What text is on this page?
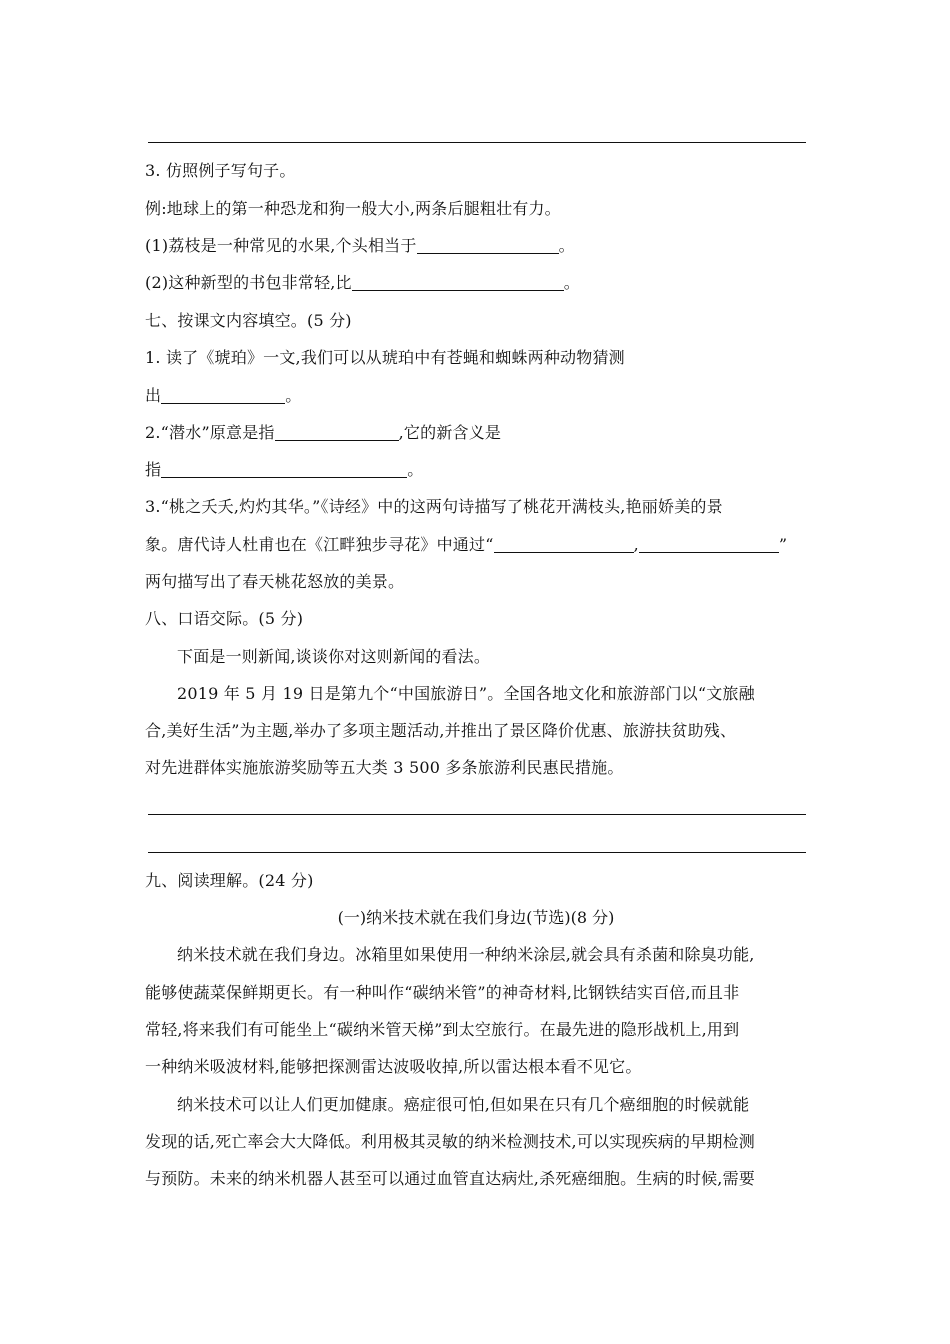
3. 仿照例子写句子。
例:地球上的第一种恐龙和狗一般大小,两条后腿粗壮有力。
(1)荔枝是一种常见的水果,个头相当于	。
(2)这种新型的书包非常轻,比	。
七、按课文内容填空。(5 分)
1. 读了《琥珀》一文,我们可以从琥珀中有苍蝇和蜘蛛两种动物猜测
出	。
2.“潜水”原意是指	,它的新含义是
指	。
3.“桃之夭夭,灼灼其华。”《诗经》中的这两句诗描写了桃花开满枝头,艳丽娇美的景
象。唐代诗人杜甫也在《江畔独步寻花》中通过“	,	”
两句描写出了春天桃花怒放的美景。
八、口语交际。(5 分)
下面是一则新闻,谈谈你对这则新闻的看法。
2019 年 5 月 19 日是第九个“中国旅游日”。全国各地文化和旅游部门以“文旅融
合,美好生活”为主题,举办了多项主题活动,并推出了景区降价优惠、旅游扶贫助残、
对先进群体实施旅游奖励等五大类 3 500 多条旅游利民惠民措施。
九、阅读理解。(24 分)
(一)纳米技术就在我们身边(节选)(8 分)
纳米技术就在我们身边。冰箱里如果使用一种纳米涂层,就会具有杀菌和除臭功能,
能够使蔬菜保鲜期更长。有一种叫作“碳纳米管”的神奇材料,比钢铁结实百倍,而且非
常轻,将来我们有可能坐上“碳纳米管天梯”到太空旅行。在最先进的隐形战机上,用到
一种纳米吸波材料,能够把探测雷达波吸收掉,所以雷达根本看不见它。
纳米技术可以让人们更加健康。癌症很可怕,但如果在只有几个癌细胞的时候就能
发现的话,死亡率会大大降低。利用极其灵敏的纳米检测技术,可以实现疾病的早期检测
与预防。未来的纳米机器人甚至可以通过血管直达病灶,杀死癌细胞。生病的时候,需要
